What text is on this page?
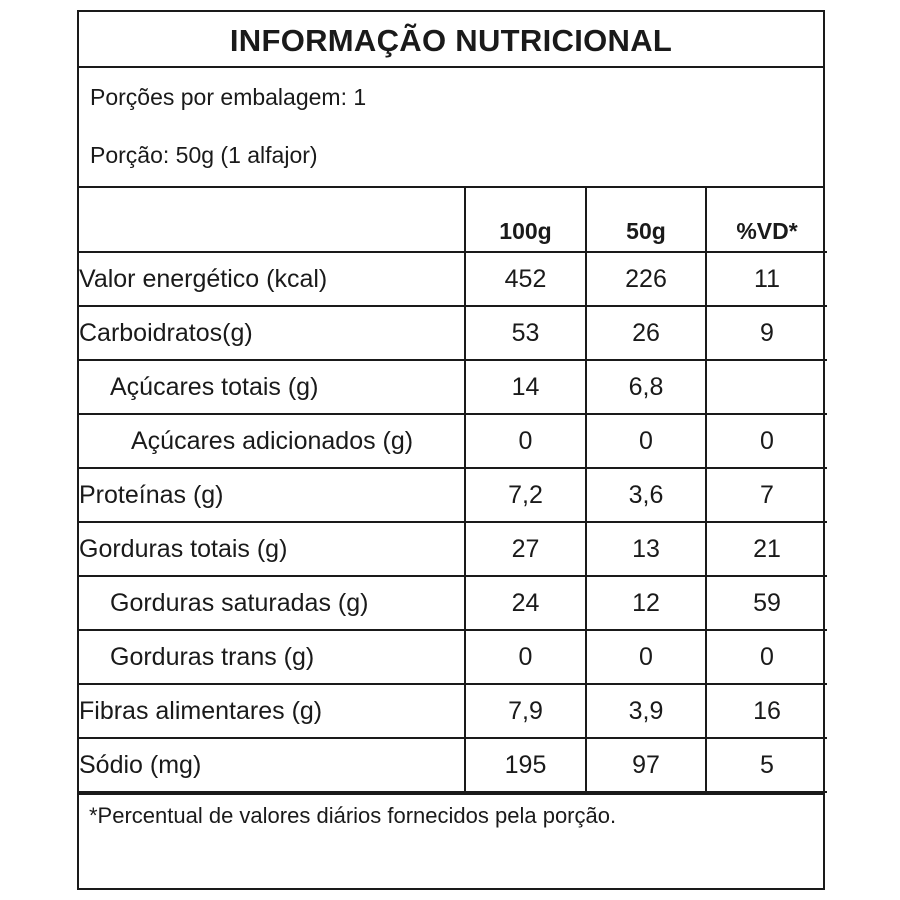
INFORMAÇÃO NUTRICIONAL
Porções por embalagem: 1
Porção: 50g (1 alfajor)
	100g	50g	%VD*
Valor energético (kcal)	452	226	11
Carboidratos(g)	53	26	9
Açúcares totais (g)	14	6,8	
Açúcares adicionados (g)	0	0	0
Proteínas (g)	7,2	3,6	7
Gorduras totais (g)	27	13	21
Gorduras saturadas (g)	24	12	59
Gorduras trans (g)	0	0	0
Fibras alimentares (g)	7,9	3,9	16
Sódio (mg)	195	97	5
*Percentual de valores diários fornecidos pela porção.
